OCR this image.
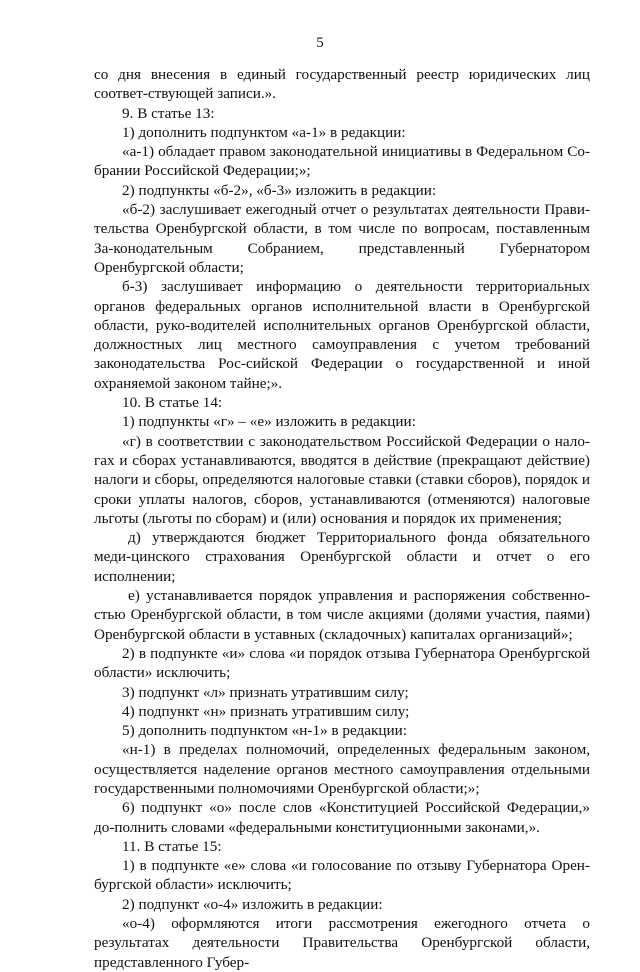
5

со дня внесения в единый государственный реестр юридических лиц соответ-ствующей записи.».

9. В статье 13:

1) дополнить подпунктом «а-1» в редакции:

«а-1) обладает правом законодательной инициативы в Федеральном Со-брании Российской Федерации;»;

2) подпункты «б-2», «б-3» изложить в редакции:

«б-2) заслушивает ежегодный отчет о результатах деятельности Прави-тельства Оренбургской области, в том числе по вопросам, поставленным За-конодательным Собранием, представленный Губернатором Оренбургской области;

б-3) заслушивает информацию о деятельности территориальных органов федеральных органов исполнительной власти в Оренбургской области, руко-водителей исполнительных органов Оренбургской области, должностных лиц местного самоуправления с учетом требований законодательства Рос-сийской Федерации о государственной и иной охраняемой законом тайне;».

10. В статье 14:

1) подпункты «г» – «е» изложить в редакции:

«г) в соответствии с законодательством Российской Федерации о нало-гах и сборах устанавливаются, вводятся в действие (прекращают действие) налоги и сборы, определяются налоговые ставки (ставки сборов), порядок и сроки уплаты налогов, сборов, устанавливаются (отменяются) налоговые льготы (льготы по сборам) и (или) основания и порядок их применения;

д) утверждаются бюджет Территориального фонда обязательного меди-цинского страхования Оренбургской области и отчет о его исполнении;

е) устанавливается порядок управления и распоряжения собственно-стью Оренбургской области, в том числе акциями (долями участия, паями) Оренбургской области в уставных (складочных) капиталах организаций»;

2) в подпункте «и» слова «и порядок отзыва Губернатора Оренбургской области» исключить;

3) подпункт «л» признать утратившим силу;

4) подпункт «н» признать утратившим силу;

5) дополнить подпунктом «н-1» в редакции:

«н-1) в пределах полномочий, определенных федеральным законом, осуществляется наделение органов местного самоуправления отдельными государственными полномочиями Оренбургской области;»;

6) подпункт «о» после слов «Конституцией Российской Федерации,» до-полнить словами «федеральными конституционными законами,».

11. В статье 15:

1) в подпункте «е» слова «и голосование по отзыву Губернатора Орен-бургской области» исключить;

2) подпункт «о-4» изложить в редакции:

«о-4) оформляются итоги рассмотрения ежегодного отчета о результатах деятельности Правительства Оренбургской области, представленного Губер-
